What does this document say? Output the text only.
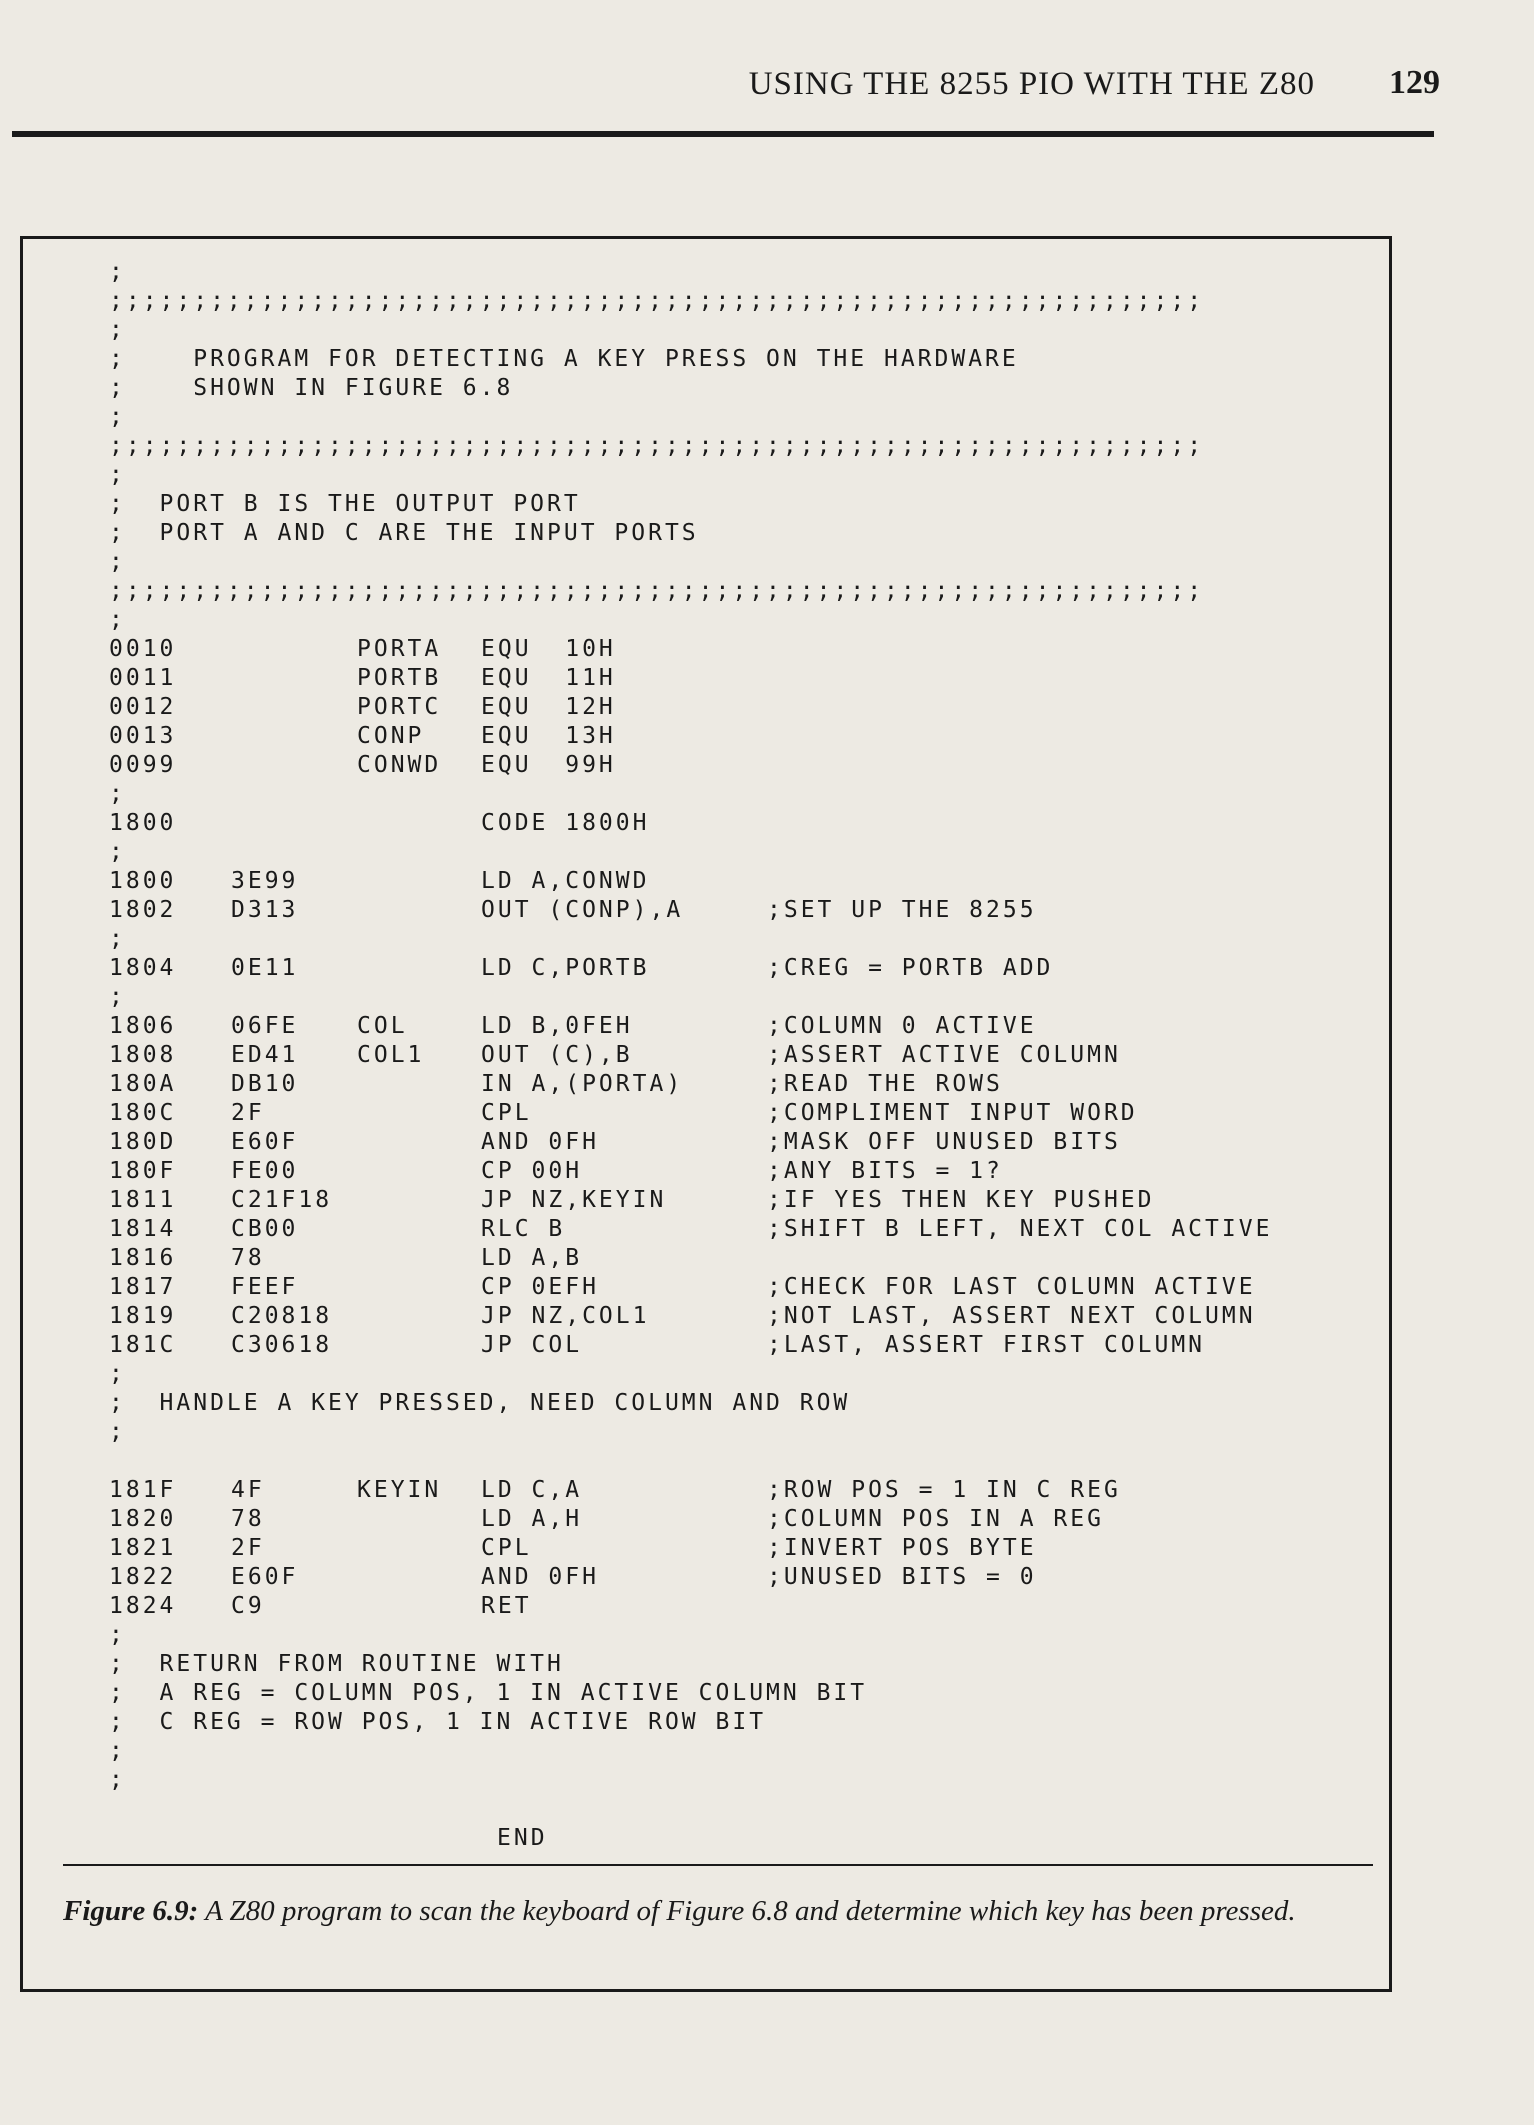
USING THE 8255 PIO WITH THE Z80 129
;
;;;;;;;;;;;;;;;;;;;;;;;;;;;;;;;;;;;;;;;;;;;;;;;;;;;;;;;;;;;;;;;;;
;
;    PROGRAM FOR DETECTING A KEY PRESS ON THE HARDWARE
;    SHOWN IN FIGURE 6.8
;
;;;;;;;;;;;;;;;;;;;;;;;;;;;;;;;;;;;;;;;;;;;;;;;;;;;;;;;;;;;;;;;;;
;
;  PORT B IS THE OUTPUT PORT
;  PORT A AND C ARE THE INPUT PORTS
;
;;;;;;;;;;;;;;;;;;;;;;;;;;;;;;;;;;;;;;;;;;;;;;;;;;;;;;;;;;;;;;;;;
;
0010	PORTA EQU  10H
0011	PORTB EQU  11H
0012	PORTC EQU  12H
0013	CONP EQU  13H
0099	CONWD EQU  99H
;
1800	CODE 1800H
;
1800 3E99	LD A,CONWD
1802 D313	OUT (CONP),A	;SET UP THE 8255
;
1804 0E11	LD C,PORTB	;CREG = PORTB ADD
;
1806 06FE	COL	LD B,0FEH	;COLUMN 0 ACTIVE
1808 ED41	COL1 OUT (C),B	;ASSERT ACTIVE COLUMN
180A DB10	IN A,(PORTA)	;READ THE ROWS
180C 2F	CPL	;COMPLIMENT INPUT WORD
180D E60F	AND 0FH	;MASK OFF UNUSED BITS
180F FE00	CP 00H	;ANY BITS = 1?
1811 C21F18	JP NZ,KEYIN	;IF YES THEN KEY PUSHED
1814 CB00	RLC B	;SHIFT B LEFT, NEXT COL ACTIVE
1816 78	LD A,B
1817 FEEF	CP 0EFH	;CHECK FOR LAST COLUMN ACTIVE
1819 C20818	JP NZ,COL1	;NOT LAST, ASSERT NEXT COLUMN
181C C30618	JP COL	;LAST, ASSERT FIRST COLUMN
;
;  HANDLE A KEY PRESSED, NEED COLUMN AND ROW
;
181F 4F	KEYIN LD C,A	;ROW POS = 1 IN C REG
1820 78	LD A,H	;COLUMN POS IN A REG
1821 2F	CPL	;INVERT POS BYTE
1822 E60F	AND 0FH	;UNUSED BITS = 0
1824 C9	RET
;
;  RETURN FROM ROUTINE WITH
;  A REG = COLUMN POS, 1 IN ACTIVE COLUMN BIT
;  C REG = ROW POS, 1 IN ACTIVE ROW BIT
;
;
END
Figure 6.9: A Z80 program to scan the keyboard of Figure 6.8 and determine which key has been pressed.
